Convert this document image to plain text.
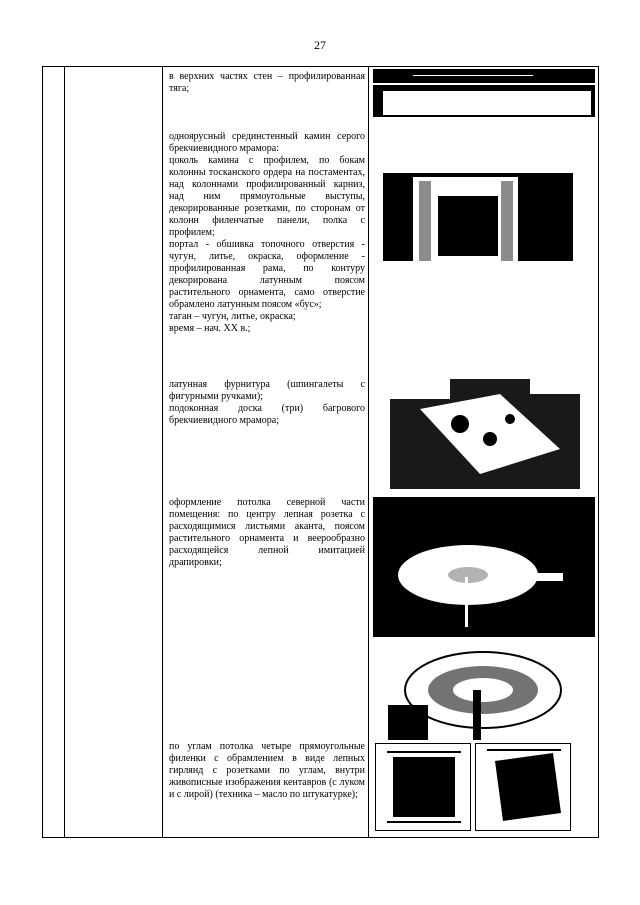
27

в верхних частях стен – профилированная тяга;

одноярусный срединстенный камин серого брекчиевидного мрамора:

цоколь камина с профилем, по бокам колонны тосканского ордера на постаментах, над колоннами профилированный карниз, над ним прямоугольные выступы, декорированные розетками, по сторонам от колонн филенчатые панели, полка с профилем;

портал - обшивка топочного отверстия - чугун, литье, окраска, оформление - профилированная рама, по контуру декорирована латунным поясом растительного орнамента, само отверстие обрамлено латунным поясом «бус»;

таган – чугун, литье, окраска;

время – нач. XX в.;

латунная фурнитура (шпингалеты с фигурными ручками);

подоконная доска (три) багрового брекчиевидного мрамора;

оформление потолка северной части помещения: по центру лепная розетка с расходящимися листьями аканта, поясом растительного орнамента и веерообразно расходящейся лепной имитацией драпировки;

по углам потолка четыре прямоугольные филенки с обрамлением в виде лепных гирлянд с розетками по углам, внутри живописные изображения кентавров (с луком и с лирой) (техника – масло по штукатурке);
